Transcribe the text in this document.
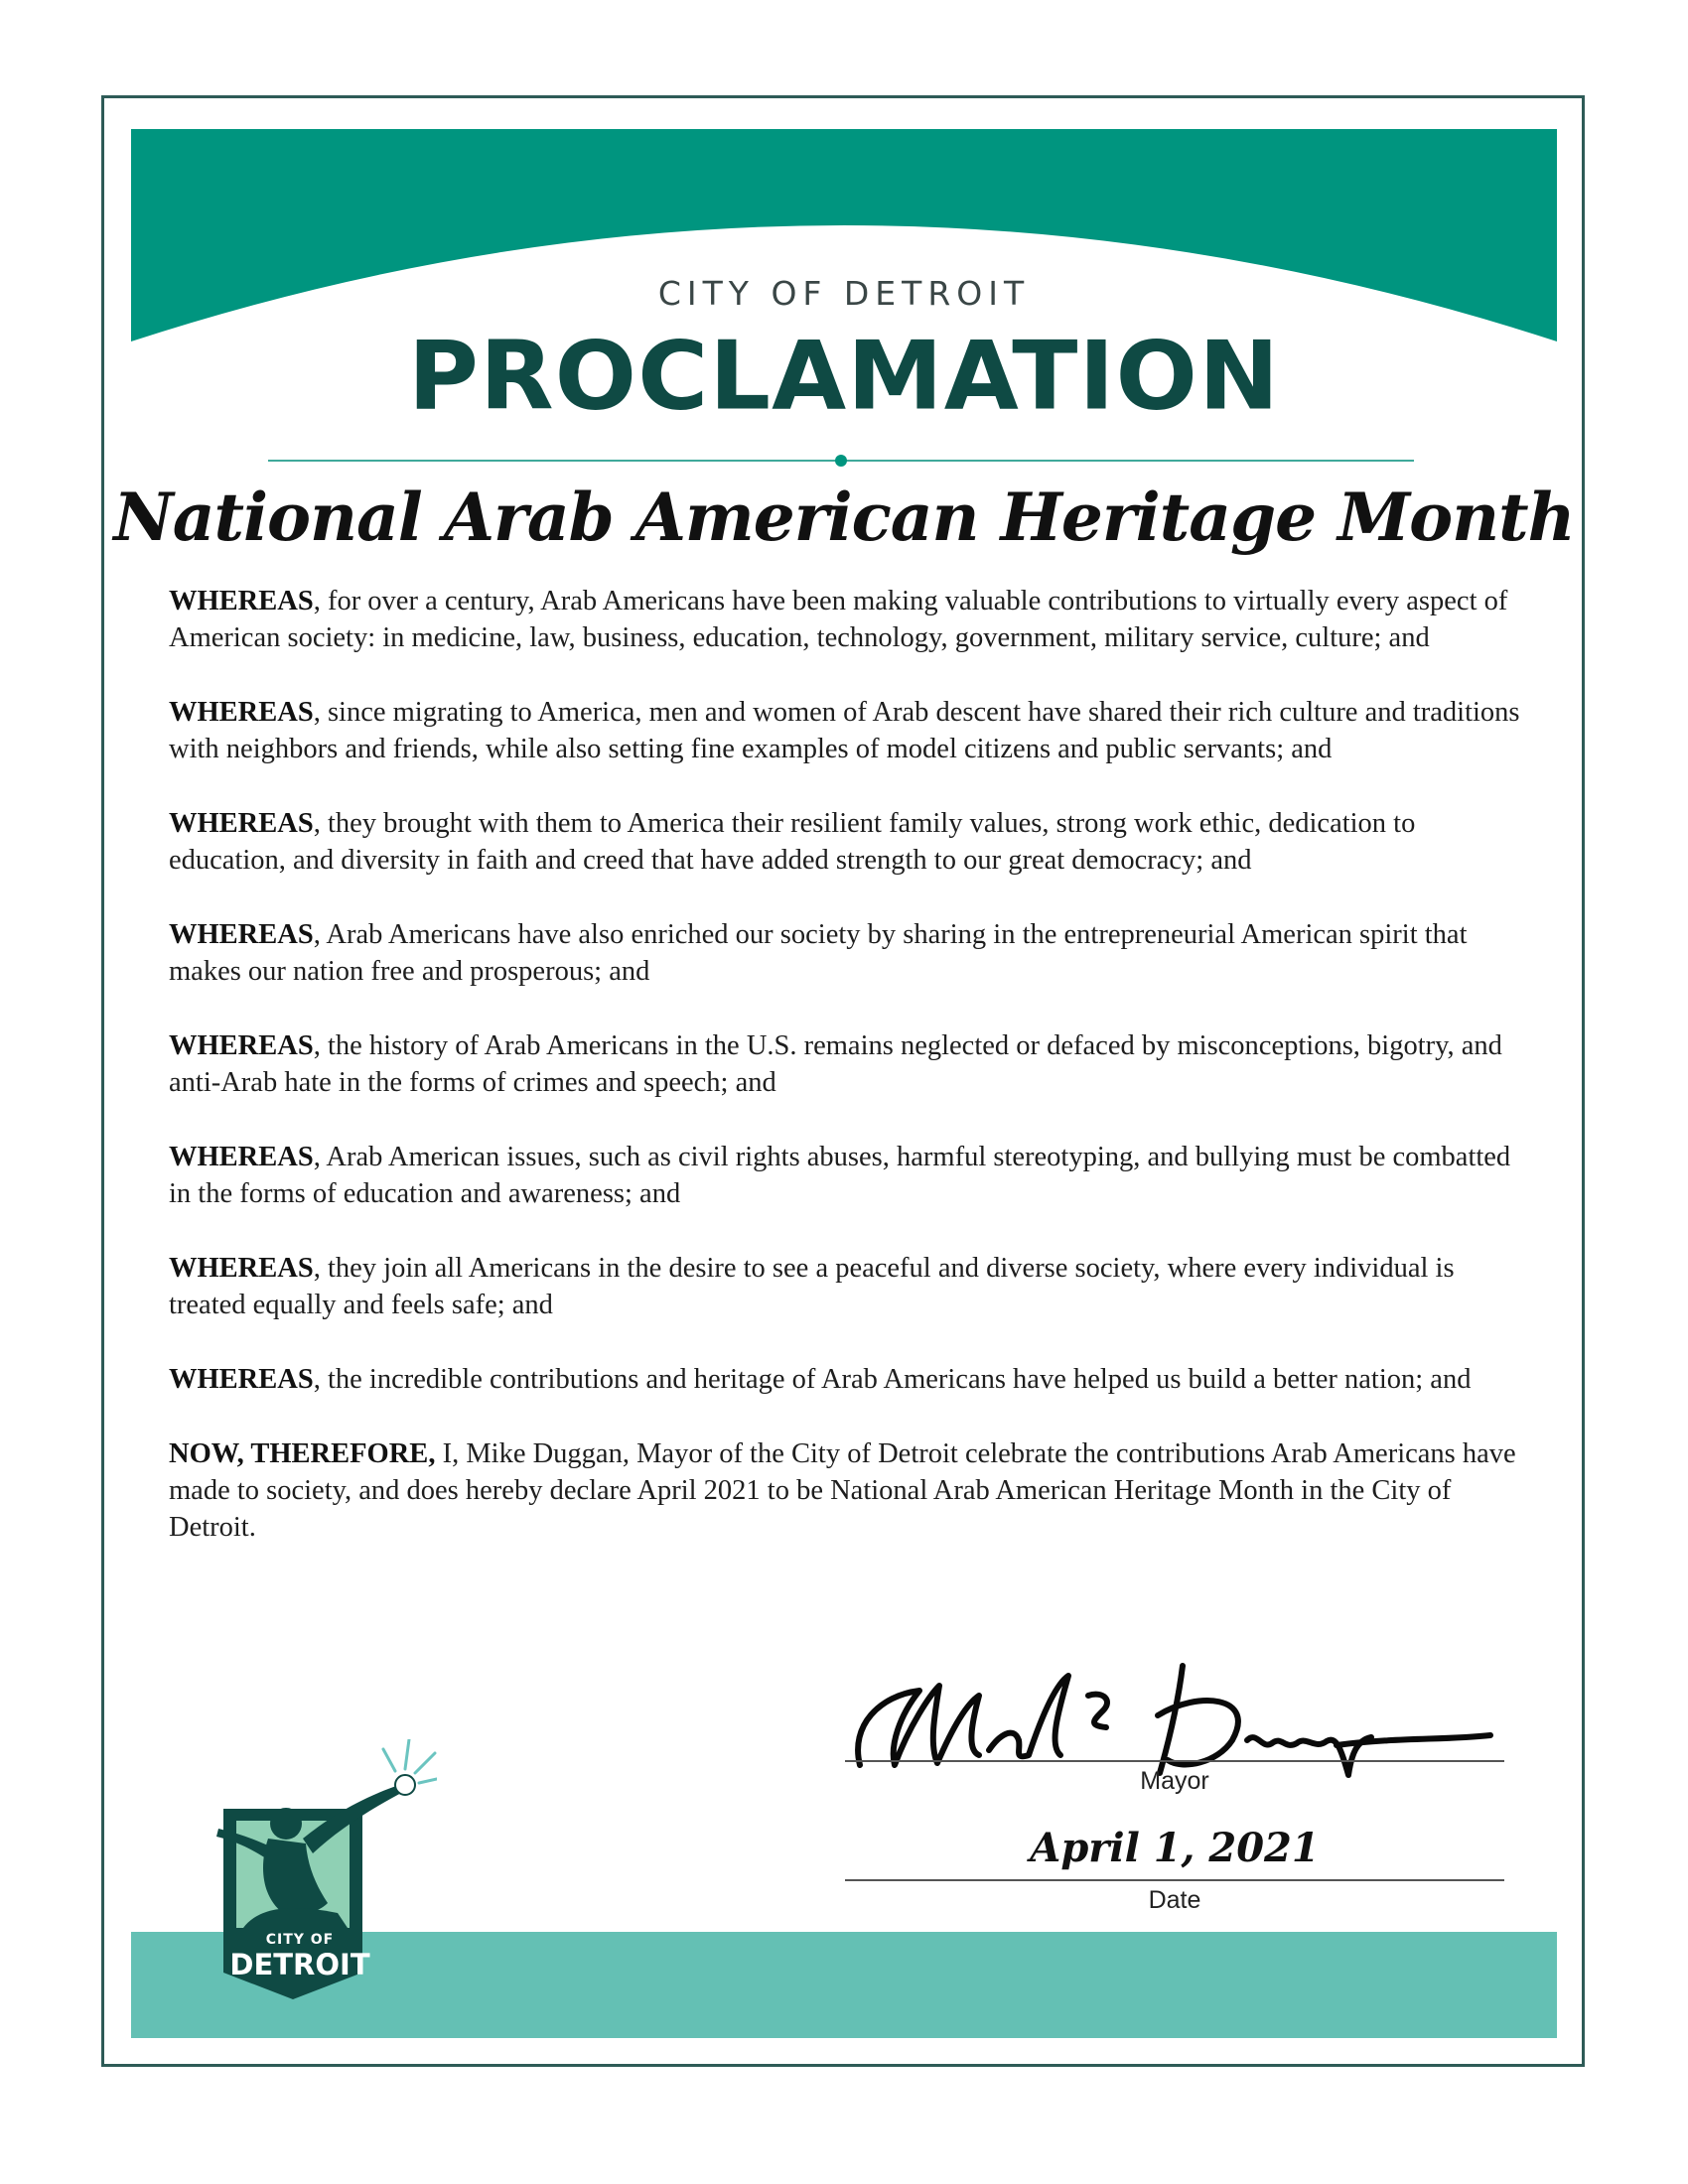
CITY OF DETROIT
PROCLAMATION
National Arab American Heritage Month

WHEREAS, for over a century, Arab Americans have been making valuable contributions to virtually every aspect of American society: in medicine, law, business, education, technology, government, military service, culture; and

WHEREAS, since migrating to America, men and women of Arab descent have shared their rich culture and traditions with neighbors and friends, while also setting fine examples of model citizens and public servants; and

WHEREAS, they brought with them to America their resilient family values, strong work ethic, dedication to education, and diversity in faith and creed that have added strength to our great democracy; and

WHEREAS, Arab Americans have also enriched our society by sharing in the entrepreneurial American spirit that makes our nation free and prosperous; and

WHEREAS, the history of Arab Americans in the U.S. remains neglected or defaced by misconceptions, bigotry, and anti-Arab hate in the forms of crimes and speech; and

WHEREAS, Arab American issues, such as civil rights abuses, harmful stereotyping, and bullying must be combatted in the forms of education and awareness; and

WHEREAS, they join all Americans in the desire to see a peaceful and diverse society, where every individual is treated equally and feels safe; and

WHEREAS, the incredible contributions and heritage of Arab Americans have helped us build a better nation; and

NOW, THEREFORE, I, Mike Duggan, Mayor of the City of Detroit celebrate the contributions Arab Americans have made to society, and does hereby declare April 2021 to be National Arab American Heritage Month in the City of Detroit.

Mayor
April 1, 2021
Date
CITY OF
DETROIT
